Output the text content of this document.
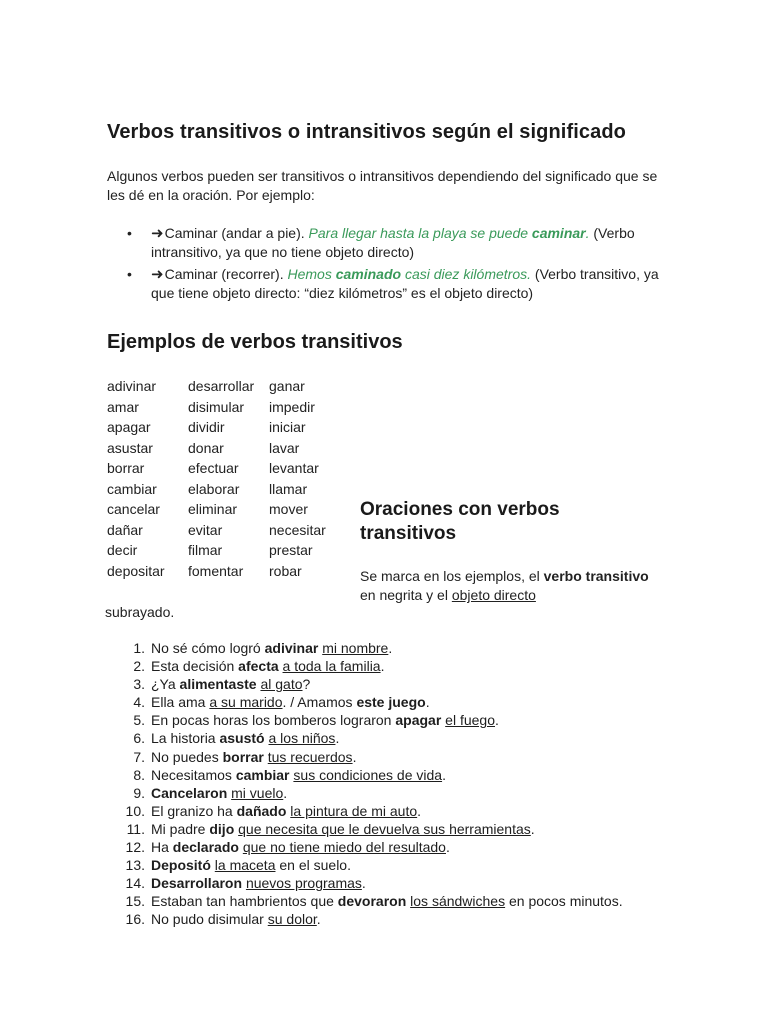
Verbos transitivos o intransitivos según el significado

Algunos verbos pueden ser transitivos o intransitivos dependiendo del significado que se les dé en la oración. Por ejemplo:

• ➜Caminar (andar a pie). Para llegar hasta la playa se puede caminar. (Verbo intransitivo, ya que no tiene objeto directo)
• ➜Caminar (recorrer). Hemos caminado casi diez kilómetros. (Verbo transitivo, ya que tiene objeto directo: “diez kilómetros” es el objeto directo)
Ejemplos de verbos transitivos
adivinar
amar
apagar
asustar
borrar
cambiar
cancelar
dañar
decir
depositar
desarrollar
disimular
dividir
donar
efectuar
elaborar
eliminar
evitar
filmar
fomentar
ganar
impedir
iniciar
lavar
levantar
llamar
mover
necesitar
prestar
robar
Oraciones con verbos transitivos

Se marca en los ejemplos, el verbo transitivo en negrita y el objeto directo

subrayado.

1. No sé cómo logró adivinar mi nombre.
2. Esta decisión afecta a toda la familia.
3. ¿Ya alimentaste al gato?
4. Ella ama a su marido. / Amamos este juego.
5. En pocas horas los bomberos lograron apagar el fuego.
6. La historia asustó a los niños.
7. No puedes borrar tus recuerdos.
8. Necesitamos cambiar sus condiciones de vida.
9. Cancelaron mi vuelo.
10. El granizo ha dañado la pintura de mi auto.
11. Mi padre dijo que necesita que le devuelva sus herramientas.
12. Ha declarado que no tiene miedo del resultado.
13. Depositó la maceta en el suelo.
14. Desarrollaron nuevos programas.
15. Estaban tan hambrientos que devoraron los sándwiches en pocos minutos.
16. No pudo disimular su dolor.
